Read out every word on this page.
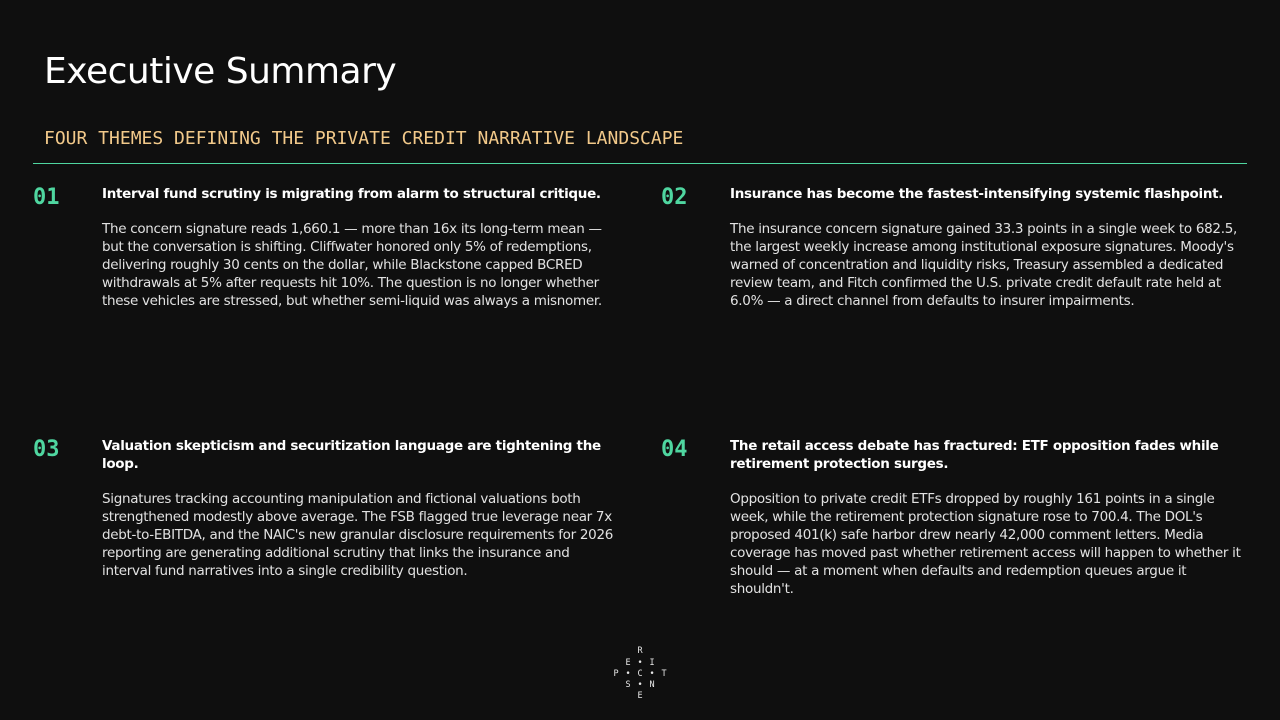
Executive Summary
FOUR THEMES DEFINING THE PRIVATE CREDIT NARRATIVE LANDSCAPE
01	Interval fund scrutiny is migrating from alarm to structural critique.

The concern signature reads 1,660.1 — more than 16x its long-term mean — but the conversation is shifting. Cliffwater honored only 5% of redemptions, delivering roughly 30 cents on the dollar, while Blackstone capped BCRED withdrawals at 5% after requests hit 10%. The question is no longer whether these vehicles are stressed, but whether semi-liquid was always a misnomer.

02	Insurance has become the fastest-intensifying systemic flashpoint.

The insurance concern signature gained 33.3 points in a single week to 682.5, the largest weekly increase among institutional exposure signatures. Moody's warned of concentration and liquidity risks, Treasury assembled a dedicated review team, and Fitch confirmed the U.S. private credit default rate held at 6.0% — a direct channel from defaults to insurer impairments.

03	Valuation skepticism and securitization language are tightening the loop.

Signatures tracking accounting manipulation and fictional valuations both strengthened modestly above average. The FSB flagged true leverage near 7x debt-to-EBITDA, and the NAIC's new granular disclosure requirements for 2026 reporting are generating additional scrutiny that links the insurance and interval fund narratives into a single credibility question.

04	The retail access debate has fractured: ETF opposition fades while retirement protection surges.

Opposition to private credit ETFs dropped by roughly 161 points in a single week, while the retirement protection signature rose to 700.4. The DOL's proposed 401(k) safe harbor drew nearly 42,000 comment letters. Media coverage has moved past whether retirement access will happen to whether it should — at a moment when defaults and redemption queues argue it shouldn't.

R
E • I
P • C • T
S • N
E
